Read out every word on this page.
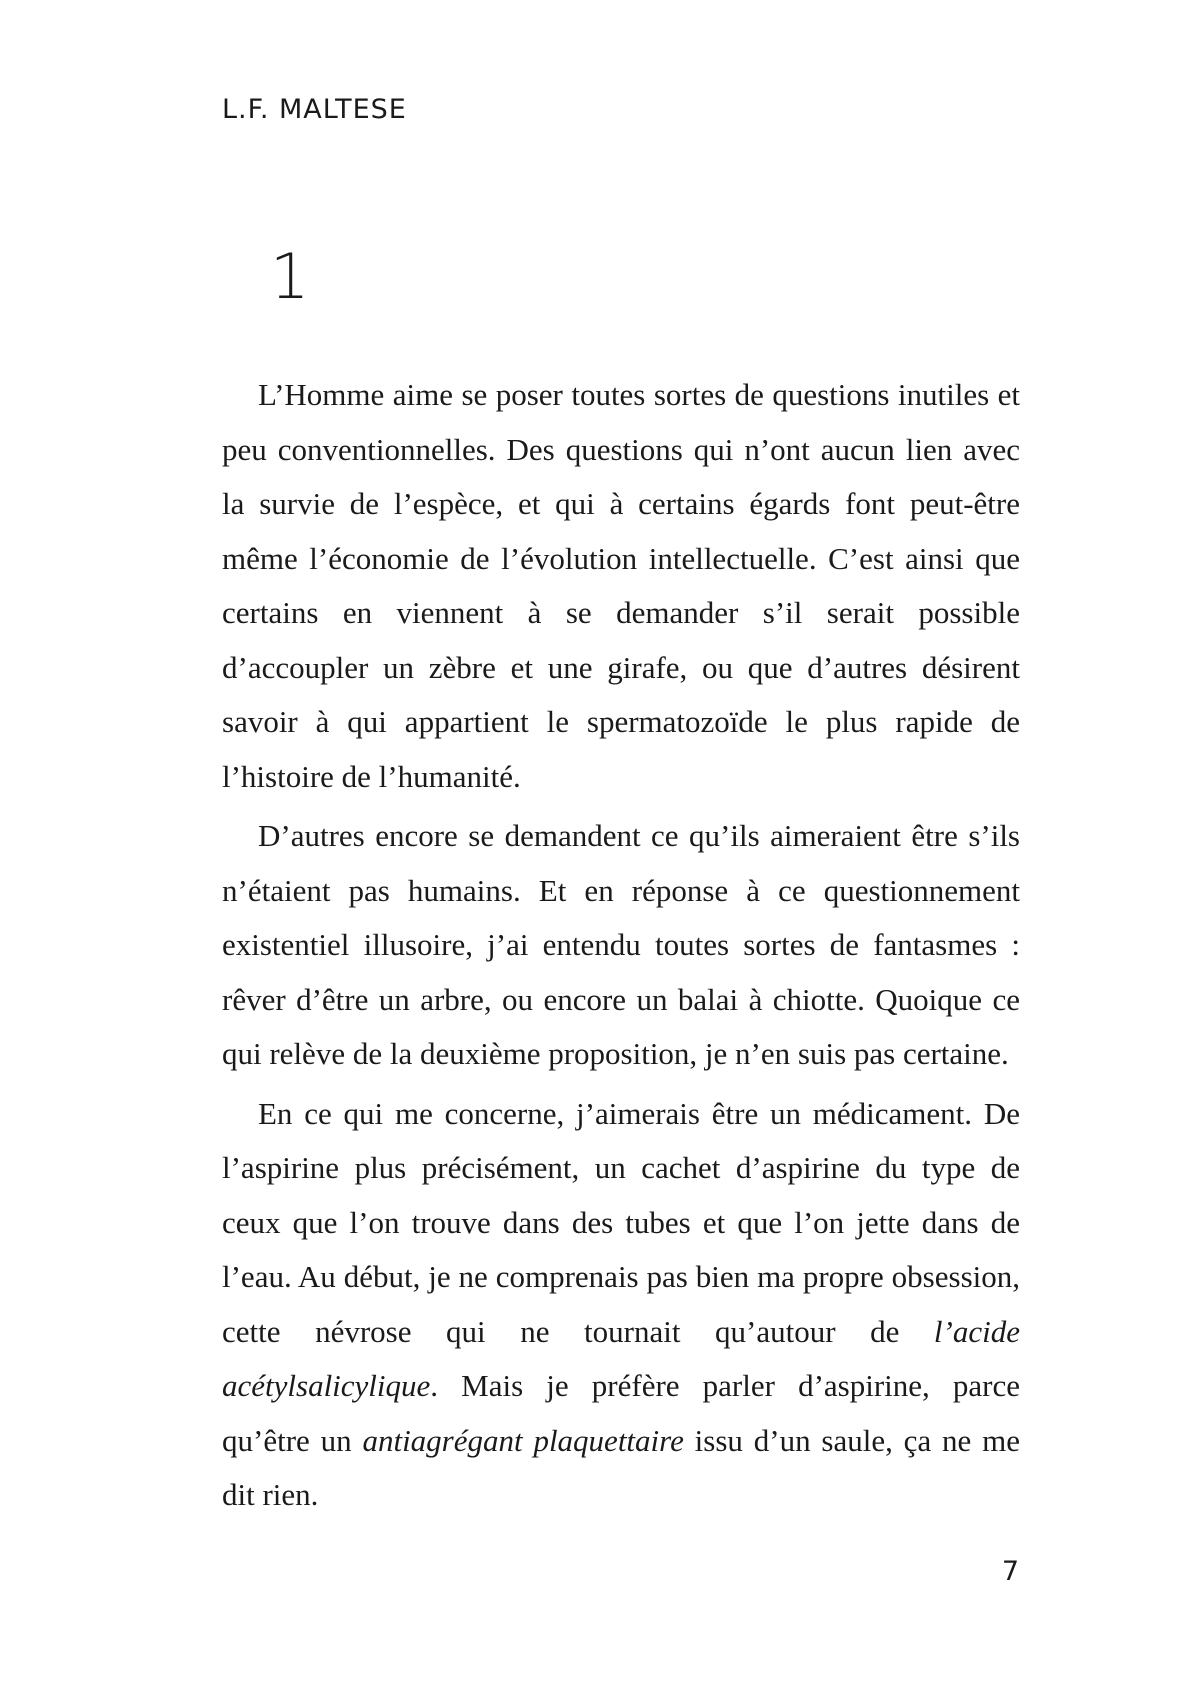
L.F. MALTESE
1

L’Homme aime se poser toutes sortes de questions inutiles et peu conventionnelles. Des questions qui n’ont aucun lien avec la survie de l’espèce, et qui à certains égards font peut-être même l’économie de l’évolution intellectuelle. C’est ainsi que certains en viennent à se demander s’il serait possible d’accoupler un zèbre et une girafe, ou que d’autres désirent savoir à qui appartient le spermatozoïde le plus rapide de l’histoire de l’humanité.

D’autres encore se demandent ce qu’ils aimeraient être s’ils n’étaient pas humains. Et en réponse à ce questionnement existentiel illusoire, j’ai entendu toutes sortes de fantasmes : rêver d’être un arbre, ou encore un balai à chiotte. Quoique ce qui relève de la deuxième proposition, je n’en suis pas certaine.

En ce qui me concerne, j’aimerais être un médicament. De l’aspirine plus précisément, un cachet d’aspirine du type de ceux que l’on trouve dans des tubes et que l’on jette dans de l’eau. Au début, je ne comprenais pas bien ma propre obsession, cette névrose qui ne tournait qu’autour de l’acide acétylsalicylique. Mais je préfère parler d’aspirine, parce qu’être un antiagrégant plaquettaire issu d’un saule, ça ne me dit rien.

7
